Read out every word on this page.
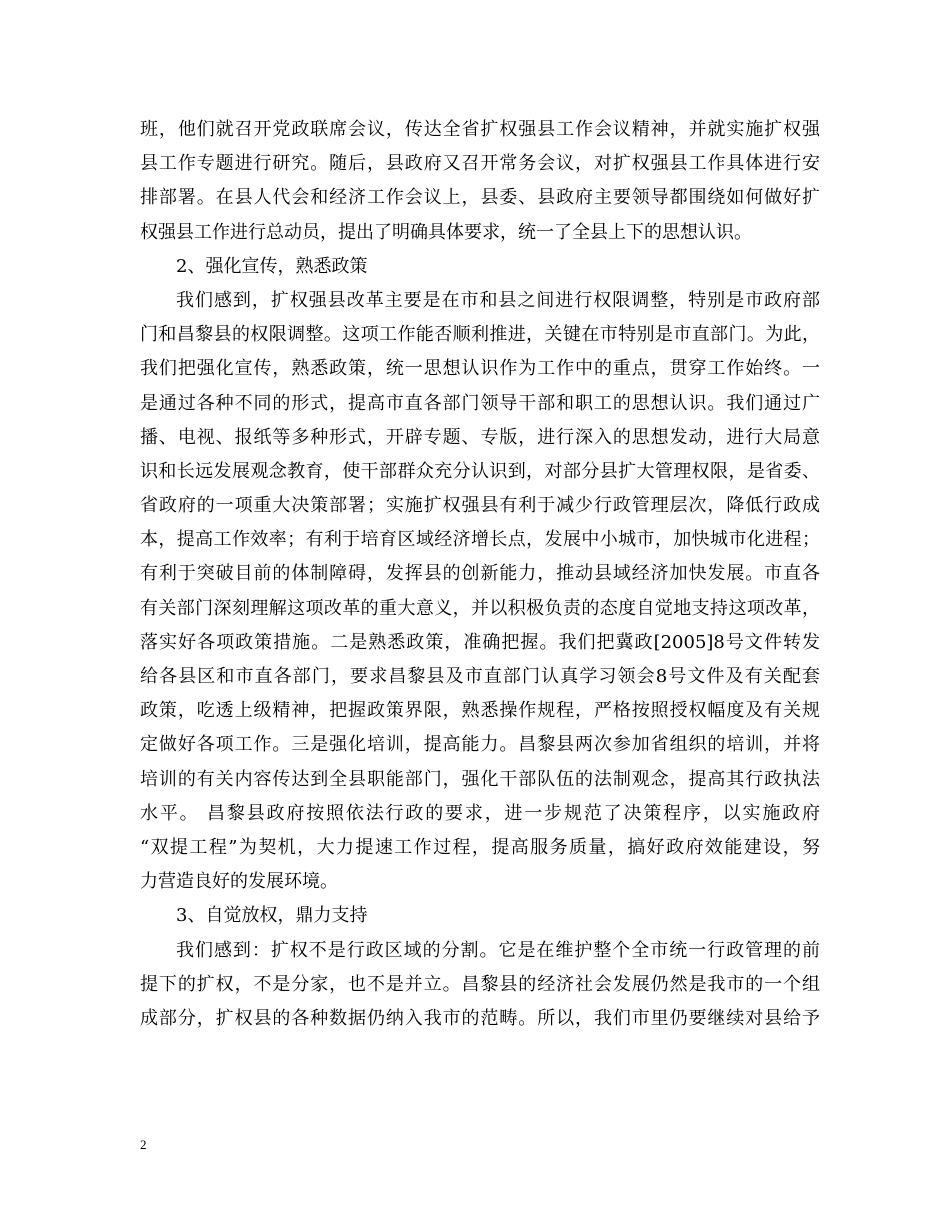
班，他们就召开党政联席会议，传达全省扩权强县工作会议精神，并就实施扩权强
县工作专题进行研究。随后，县政府又召开常务会议，对扩权强县工作具体进行安
排部署。在县人代会和经济工作会议上，县委、县政府主要领导都围绕如何做好扩
权强县工作进行总动员，提出了明确具体要求，统一了全县上下的思想认识。
2、强化宣传，熟悉政策
我们感到，扩权强县改革主要是在市和县之间进行权限调整，特别是市政府部
门和昌黎县的权限调整。这项工作能否顺利推进，关键在市特别是市直部门。为此，
我们把强化宣传，熟悉政策，统一思想认识作为工作中的重点，贯穿工作始终。一
是通过各种不同的形式，提高市直各部门领导干部和职工的思想认识。我们通过广
播、电视、报纸等多种形式，开辟专题、专版，进行深入的思想发动，进行大局意
识和长远发展观念教育，使干部群众充分认识到，对部分县扩大管理权限，是省委、
省政府的一项重大决策部署；实施扩权强县有利于减少行政管理层次，降低行政成
本，提高工作效率；有利于培育区域经济增长点，发展中小城市，加快城市化进程；
有利于突破目前的体制障碍，发挥县的创新能力，推动县域经济加快发展。市直各
有关部门深刻理解这项改革的重大意义，并以积极负责的态度自觉地支持这项改革，
落实好各项政策措施。二是熟悉政策，准确把握。我们把冀政[2005]8号文件转发
给各县区和市直各部门，要求昌黎县及市直部门认真学习领会8号文件及有关配套
政策，吃透上级精神，把握政策界限，熟悉操作规程，严格按照授权幅度及有关规
定做好各项工作。三是强化培训，提高能力。昌黎县两次参加省组织的培训，并将
培训的有关内容传达到全县职能部门，强化干部队伍的法制观念，提高其行政执法
水平。 昌黎县政府按照依法行政的要求，进一步规范了决策程序，以实施政府
“双提工程”为契机，大力提速工作过程，提高服务质量，搞好政府效能建设，努
力营造良好的发展环境。
3、自觉放权，鼎力支持
我们感到：扩权不是行政区域的分割。它是在维护整个全市统一行政管理的前
提下的扩权，不是分家，也不是并立。昌黎县的经济社会发展仍然是我市的一个组
成部分，扩权县的各种数据仍纳入我市的范畴。所以，我们市里仍要继续对县给予
2
